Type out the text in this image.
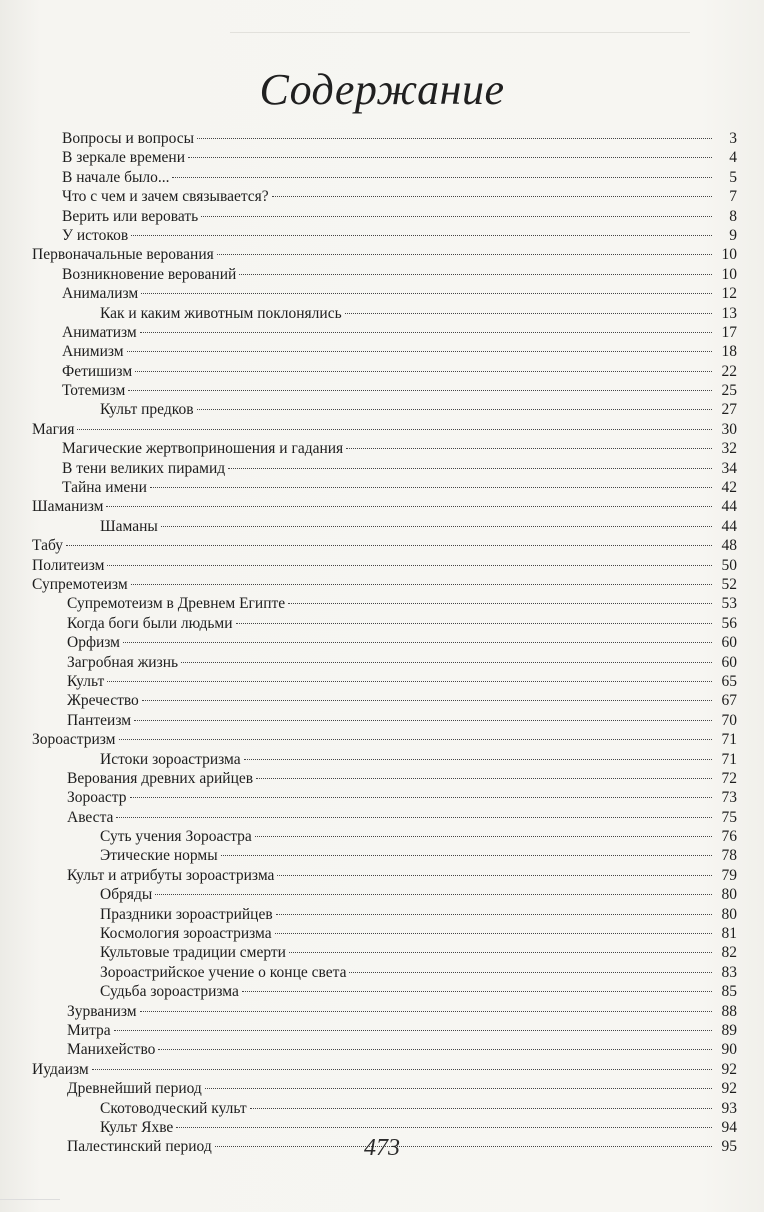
Содержание
Вопросы и вопросы	3
В зеркале времени	4
В начале было...	5
Что с чем и зачем связывается?	7
Верить или веровать	8
У истоков	9
Первоначальные верования	10
Возникновение верований	10
Анимализм	12
Как и каким животным поклонялись	13
Аниматизм	17
Анимизм	18
Фетишизм	22
Тотемизм	25
Культ предков	27
Магия	30
Магические жертвоприношения и гадания	32
В тени великих пирамид	34
Тайна имени	42
Шаманизм	44
Шаманы	44
Табу	48
Политеизм	50
Супремотеизм	52
Супремотеизм в Древнем Египте	53
Когда боги были людьми	56
Орфизм	60
Загробная жизнь	60
Культ	65
Жречество	67
Пантеизм	70
Зороастризм	71
Истоки зороастризма	71
Верования древних арийцев	72
Зороастр	73
Авеста	75
Суть учения Зороастра	76
Этические нормы	78
Культ и атрибуты зороастризма	79
Обряды	80
Праздники зороастрийцев	80
Космология зороастризма	81
Культовые традиции смерти	82
Зороастрийское учение о конце света	83
Судьба зороастризма	85
Зурванизм	88
Митра	89
Манихейство	90
Иудаизм	92
Древнейший период	92
Скотоводческий культ	93
Культ Яхве	94
Палестинский период	95
473
